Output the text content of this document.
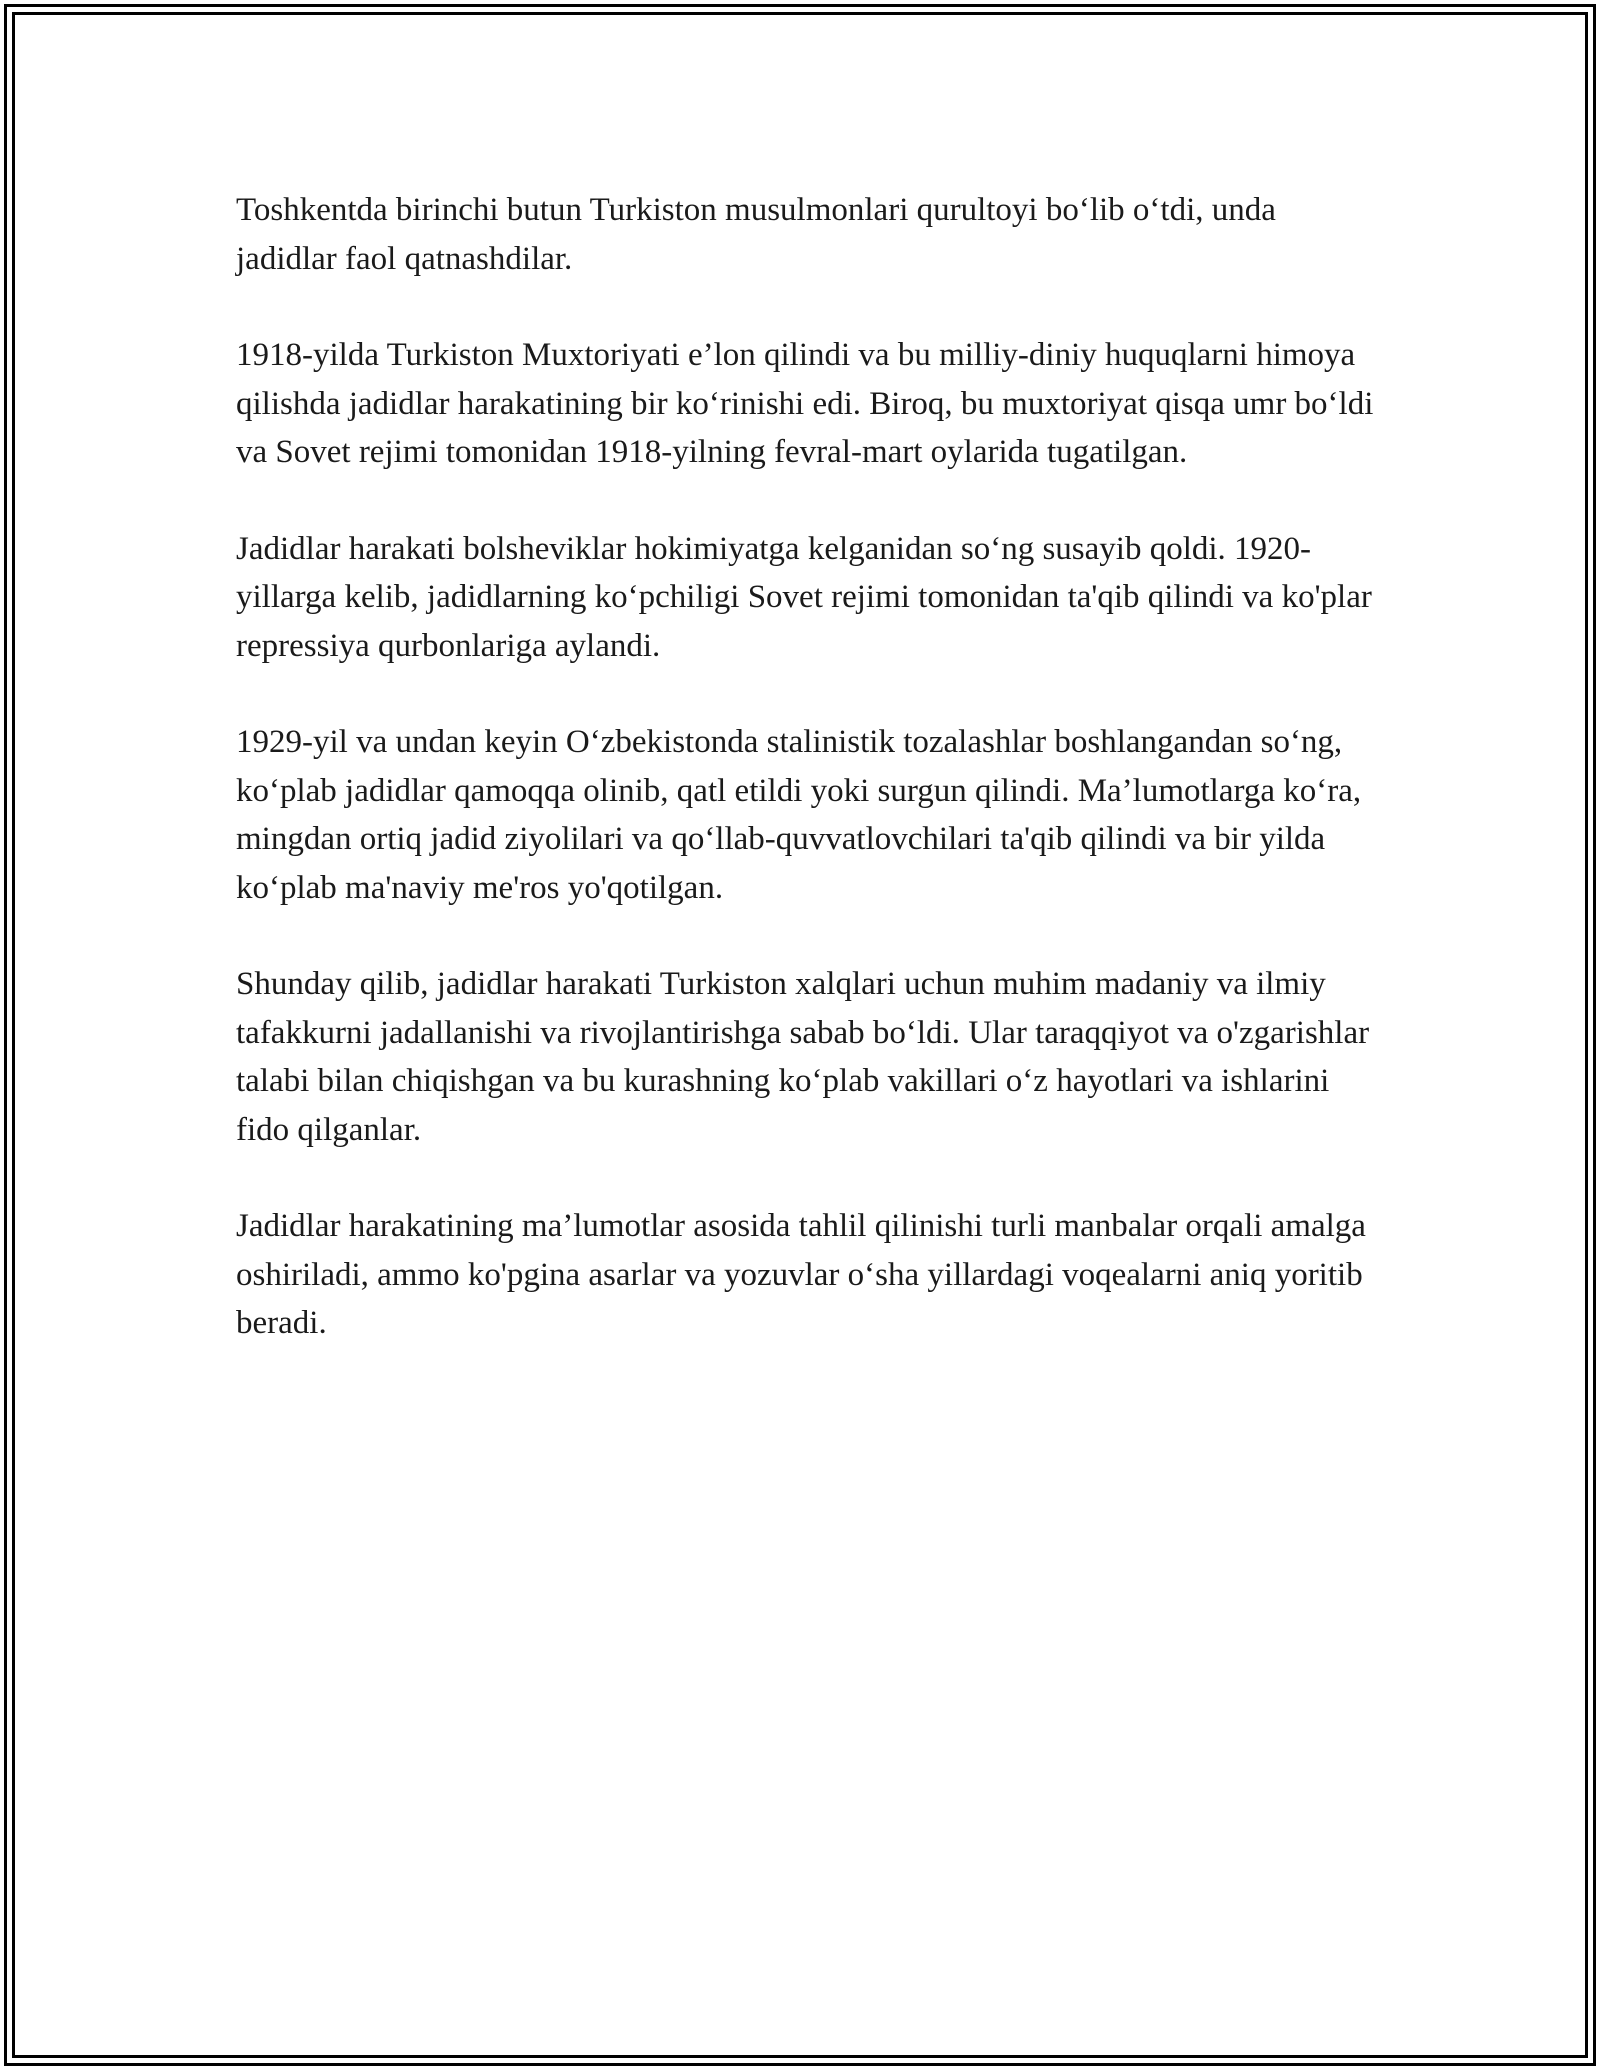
Toshkentda birinchi butun Turkiston musulmonlari qurultoyi bo‘lib o‘tdi, unda jadidlar faol qatnashdilar.

1918-yilda Turkiston Muxtoriyati e’lon qilindi va bu milliy-diniy huquqlarni himoya qilishda jadidlar harakatining bir ko‘rinishi edi. Biroq, bu muxtoriyat qisqa umr bo‘ldi va Sovet rejimi tomonidan 1918-yilning fevral-mart oylarida tugatilgan.

Jadidlar harakati bolsheviklar hokimiyatga kelganidan so‘ng susayib qoldi. 1920-yillarga kelib, jadidlarning ko‘pchiligi Sovet rejimi tomonidan ta'qib qilindi va ko'plar repressiya qurbonlariga aylandi.

1929-yil va undan keyin O‘zbekistonda stalinistik tozalashlar boshlangandan so‘ng, ko‘plab jadidlar qamoqqa olinib, qatl etildi yoki surgun qilindi. Ma’lumotlarga ko‘ra, mingdan ortiq jadid ziyolilari va qo‘llab-quvvatlovchilari ta'qib qilindi va bir yilda ko‘plab ma'naviy me'ros yo'qotilgan.

Shunday qilib, jadidlar harakati Turkiston xalqlari uchun muhim madaniy va ilmiy tafakkurni jadallanishi va rivojlantirishga sabab bo‘ldi. Ular taraqqiyot va o'zgarishlar talabi bilan chiqishgan va bu kurashning ko‘plab vakillari o‘z hayotlari va ishlarini fido qilganlar.

Jadidlar harakatining ma’lumotlar asosida tahlil qilinishi turli manbalar orqali amalga oshiriladi, ammo ko'pgina asarlar va yozuvlar o‘sha yillardagi voqealarni aniq yoritib beradi.
